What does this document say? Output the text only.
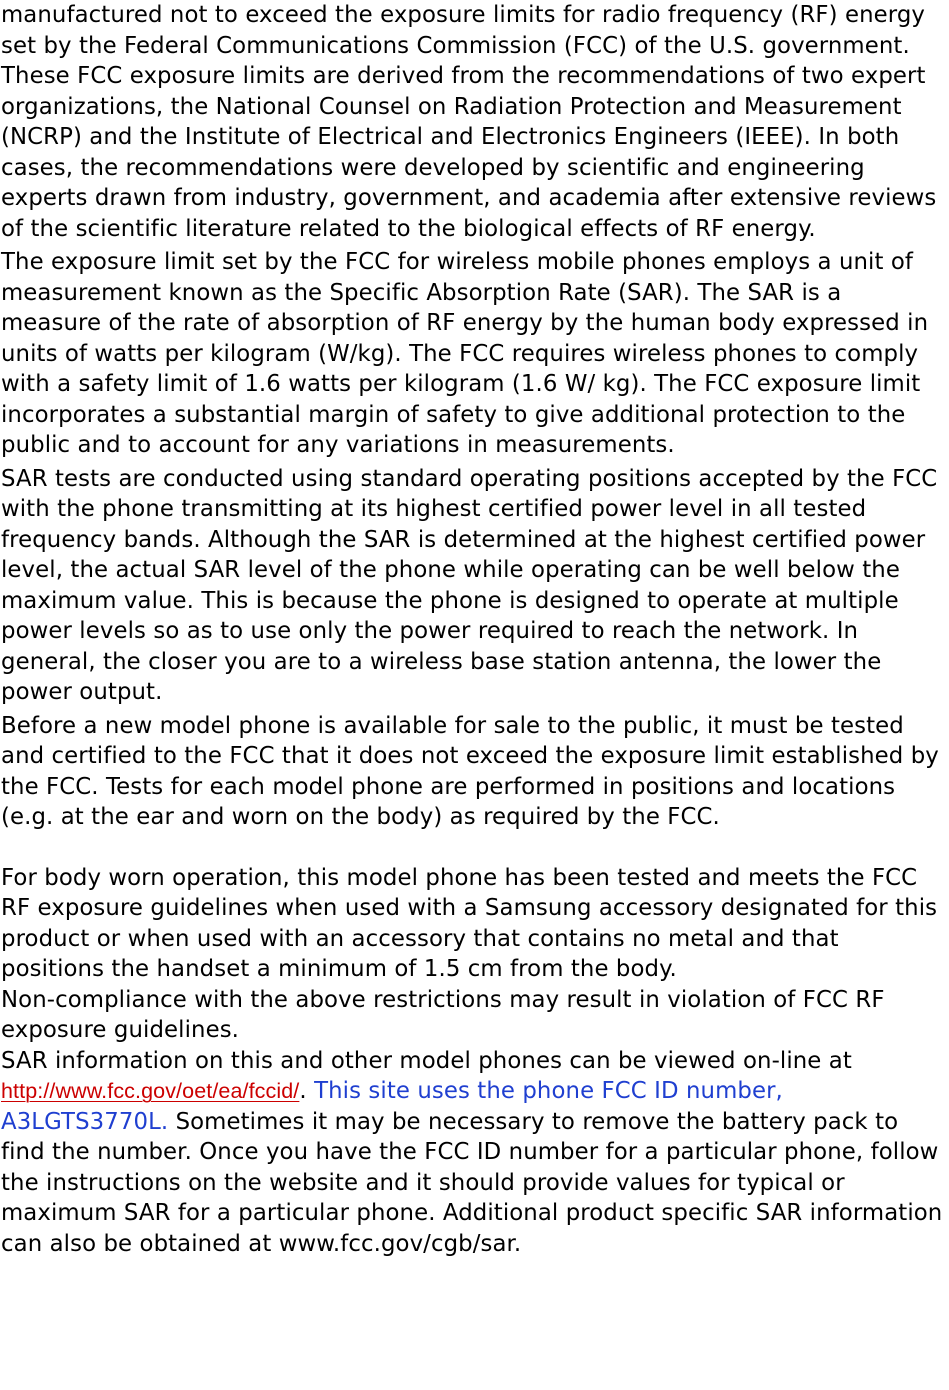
manufactured not to exceed the exposure limits for radio frequency (RF) energy set by the Federal Communications Commission (FCC) of the U.S. government. These FCC exposure limits are derived from the recommendations of two expert organizations, the National Counsel on Radiation Protection and Measurement (NCRP) and the Institute of Electrical and Electronics Engineers (IEEE). In both cases, the recommendations were developed by scientific and engineering experts drawn from industry, government, and academia after extensive reviews of the scientific literature related to the biological effects of RF energy.

The exposure limit set by the FCC for wireless mobile phones employs a unit of measurement known as the Specific Absorption Rate (SAR). The SAR is a measure of the rate of absorption of RF energy by the human body expressed in units of watts per kilogram (W/kg). The FCC requires wireless phones to comply with a safety limit of 1.6 watts per kilogram (1.6 W/ kg). The FCC exposure limit incorporates a substantial margin of safety to give additional protection to the public and to account for any variations in measurements.

SAR tests are conducted using standard operating positions accepted by the FCC with the phone transmitting at its highest certified power level in all tested frequency bands. Although the SAR is determined at the highest certified power level, the actual SAR level of the phone while operating can be well below the maximum value. This is because the phone is designed to operate at multiple power levels so as to use only the power required to reach the network. In general, the closer you are to a wireless base station antenna, the lower the power output.

Before a new model phone is available for sale to the public, it must be tested and certified to the FCC that it does not exceed the exposure limit established by the FCC. Tests for each model phone are performed in positions and locations (e.g. at the ear and worn on the body) as required by the FCC.

For body worn operation, this model phone has been tested and meets the FCC RF exposure guidelines when used with a Samsung accessory designated for this product or when used with an accessory that contains no metal and that positions the handset a minimum of 1.5 cm from the body.

Non-compliance with the above restrictions may result in violation of FCC RF exposure guidelines.

SAR information on this and other model phones can be viewed on-line at
http://www.fcc.gov/oet/ea/fccid/. This site uses the phone FCC ID number, A3LGTS3770L. Sometimes it may be necessary to remove the battery pack to find the number. Once you have the FCC ID number for a particular phone, follow the instructions on the website and it should provide values for typical or maximum SAR for a particular phone. Additional product specific SAR information can also be obtained at www.fcc.gov/cgb/sar.
